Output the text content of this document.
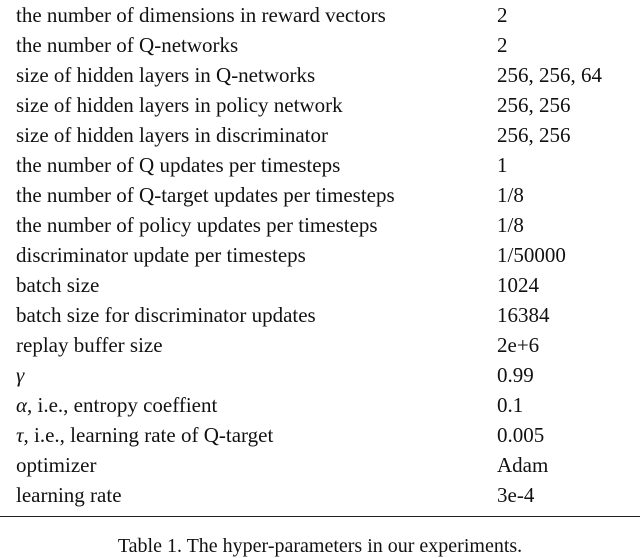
the number of dimensions in reward vectors	2
the number of Q-networks	2
size of hidden layers in Q-networks	256, 256, 64
size of hidden layers in policy network	256, 256
size of hidden layers in discriminator	256, 256
the number of Q updates per timesteps	1
the number of Q-target updates per timesteps	1/8
the number of policy updates per timesteps	1/8
discriminator update per timesteps	1/50000
batch size	1024
batch size for discriminator updates	16384
replay buffer size	2e+6
γ	0.99
α, i.e., entropy coeffient	0.1
τ, i.e., learning rate of Q-target	0.005
optimizer	Adam
learning rate	3e-4
Table 1. The hyper-parameters in our experiments.
